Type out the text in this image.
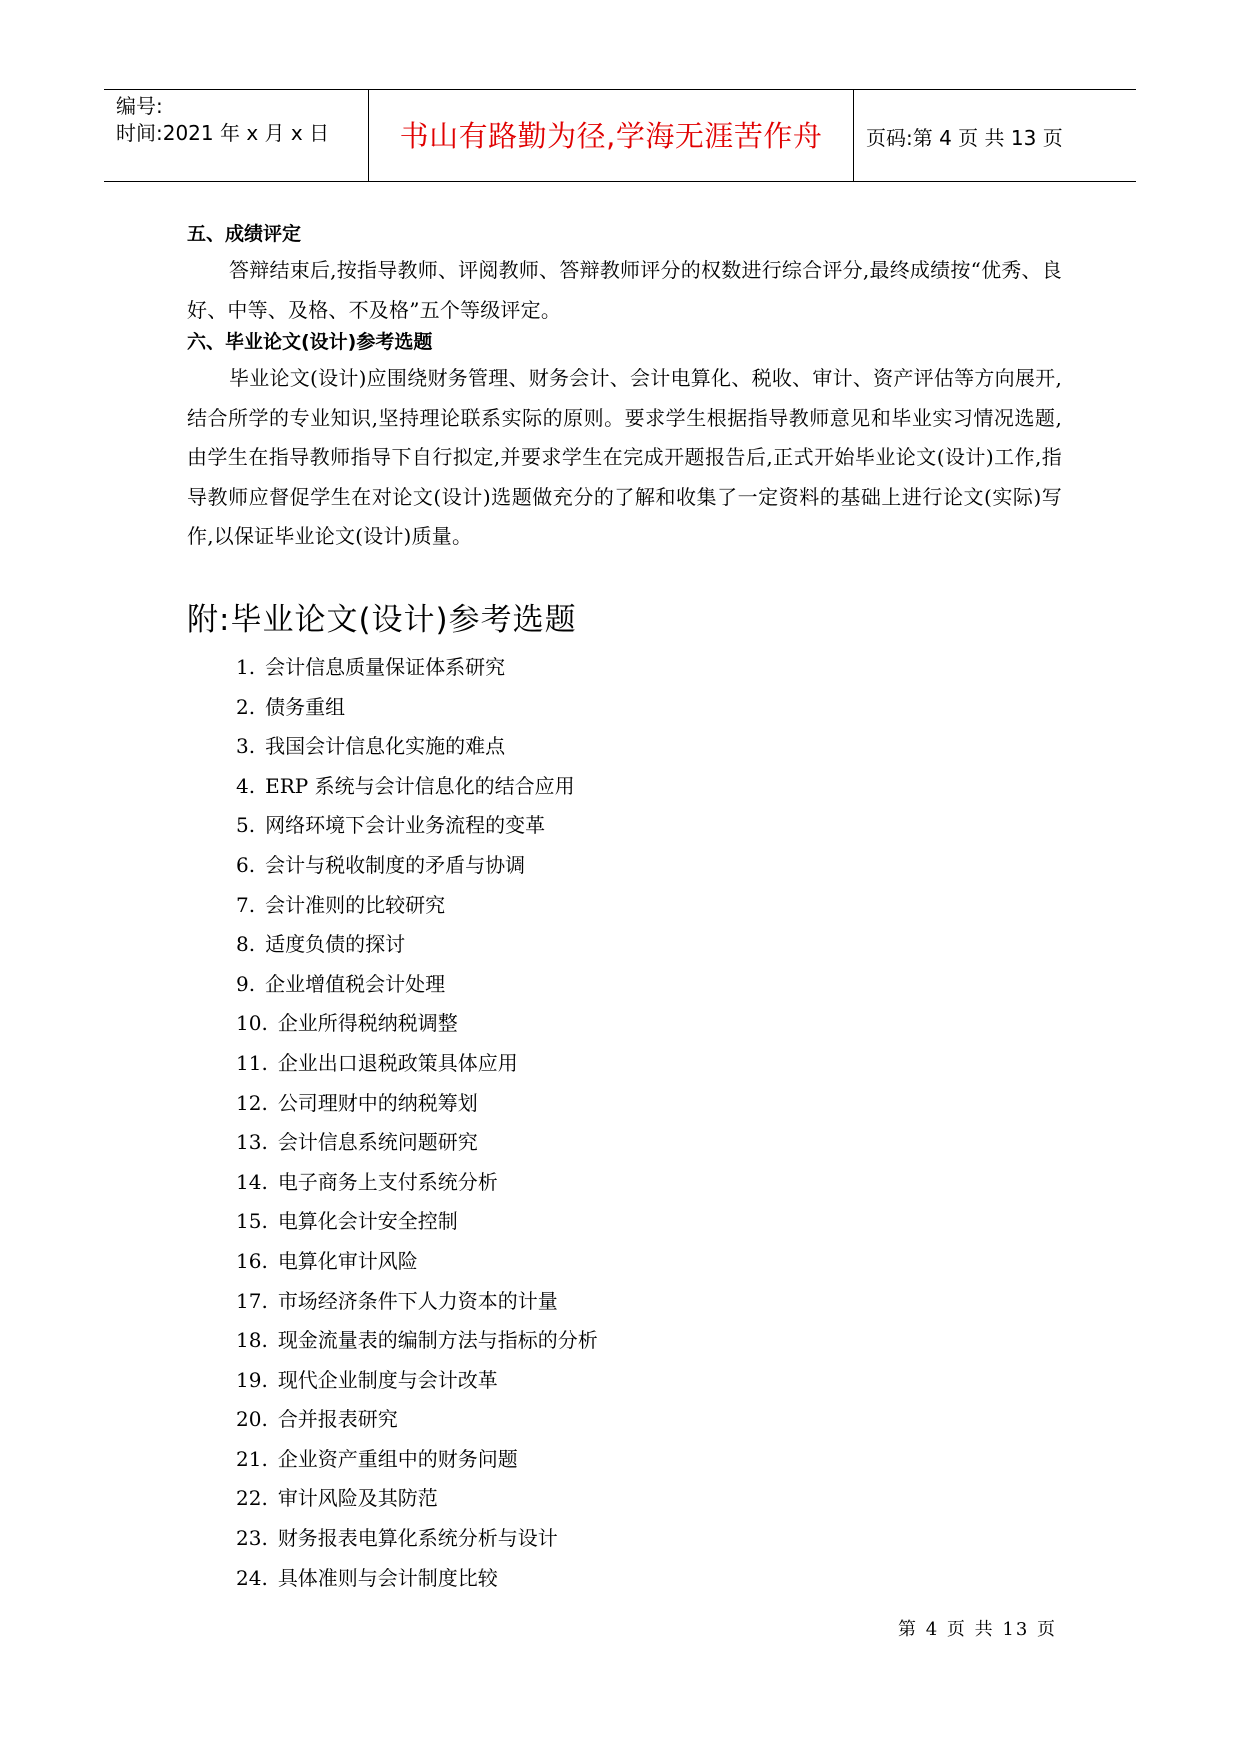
编号:
时间:2021 年 x 月 x 日	书山有路勤为径,学海无涯苦作舟	页码:第 4 页 共 13 页
五、成绩评定
答辩结束后,按指导教师、评阅教师、答辩教师评分的权数进行综合评分,最终成绩按“优秀、良好、中等、及格、不及格”五个等级评定。
六、毕业论文(设计)参考选题
毕业论文(设计)应围绕财务管理、财务会计、会计电算化、税收、审计、资产评估等方向展开,结合所学的专业知识,坚持理论联系实际的原则。要求学生根据指导教师意见和毕业实习情况选题,由学生在指导教师指导下自行拟定,并要求学生在完成开题报告后,正式开始毕业论文(设计)工作,指导教师应督促学生在对论文(设计)选题做充分的了解和收集了一定资料的基础上进行论文(实际)写作,以保证毕业论文(设计)质量。
附:毕业论文(设计)参考选题
1. 会计信息质量保证体系研究
2. 债务重组
3. 我国会计信息化实施的难点
4. ERP 系统与会计信息化的结合应用
5. 网络环境下会计业务流程的变革
6. 会计与税收制度的矛盾与协调
7. 会计准则的比较研究
8. 适度负债的探讨
9. 企业增值税会计处理
10. 企业所得税纳税调整
11. 企业出口退税政策具体应用
12. 公司理财中的纳税筹划
13. 会计信息系统问题研究
14. 电子商务上支付系统分析
15. 电算化会计安全控制
16. 电算化审计风险
17. 市场经济条件下人力资本的计量
18. 现金流量表的编制方法与指标的分析
19. 现代企业制度与会计改革
20. 合并报表研究
21. 企业资产重组中的财务问题
22. 审计风险及其防范
23. 财务报表电算化系统分析与设计
24. 具体准则与会计制度比较
第 4 页 共 13 页
